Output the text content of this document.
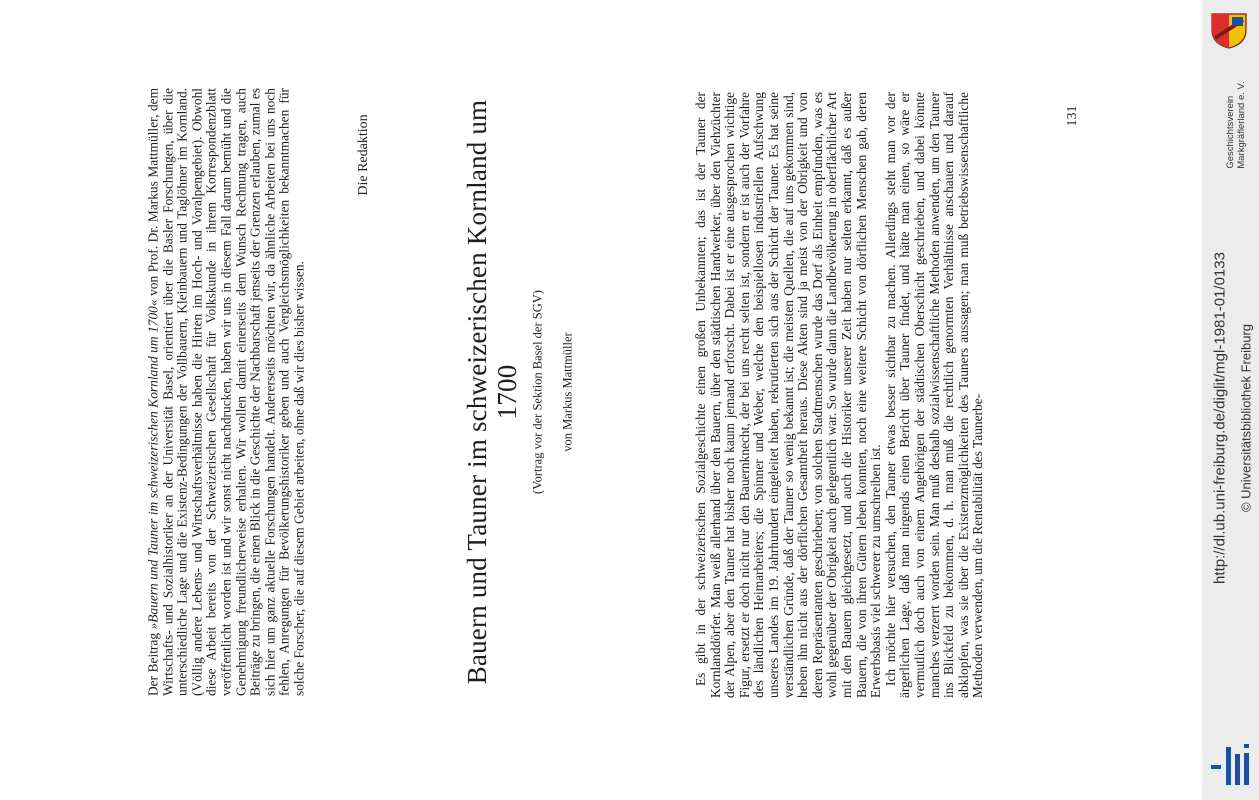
Der Beitrag »Bauern und Tauner im schweizerischen Kornland um 1700« von Prof. Dr. Markus Mattmüller, dem Wirtschafts- und Sozialhistoriker an der Universität Basel, orientiert über die Basler Forschungen, über die unterschiedliche Lage und die Existenz-Bedingungen der Vollbauern, Kleinbauern und Taglöhner im Kornland. (Völlig andere Lebens- und Wirtschaftsverhältnisse haben die Hirten im Hoch- und Voralpengebiet). Obwohl diese Arbeit bereits von der Schweizerischen Gesellschaft für Volkskunde in ihrem Korrespondenzblatt veröffentlicht worden ist und wir sonst nicht nachdrucken, haben wir uns in diesem Fall darum bemüht und die Genehmigung freundlicherweise erhalten. Wir wollen damit einerseits dem Wunsch Rechnung tragen, auch Beiträge zu bringen, die einen Blick in die Geschichte der Nachbarschaft jenseits der Grenzen erlauben, zumal es sich hier um ganz aktuelle Forschungen handelt. Andererseits möchten wir, da ähnliche Arbeiten bei uns noch fehlen, Anregungen für Bevölkerungshistoriker geben und auch Vergleichsmöglichkeiten bekanntmachen für solche Forscher, die auf diesem Gebiet arbeiten, ohne daß wir dies bisher wissen.
Die Redaktion	Bauern und Tauner im schweizerischen Kornland um 1700 (Vortrag vor der Sektion Basel der SGV) von Markus Mattmüller	Es gibt in der schweizerischen Sozialgeschichte einen großen Unbekannten; das ist der Tauner der Kornlanddörfer. Man weiß allerhand über den Bauern, über den städtischen Handwerker, über den Viehzüchter der Alpen, aber den Tauner hat bisher noch kaum jemand erforscht. Dabei ist er eine ausgesprochen wichtige Figur, ersetzt er doch nicht nur den Bauernknecht, der bei uns recht selten ist, sondern er ist auch der Vorfahre des ländlichen Heimarbeiters; die Spinner und Weber, welche den beispiellosen industriellen Aufschwung unseres Landes im 19. Jahrhundert eingeleitet haben, rekrutierten sich aus der Schicht der Tauner. Es hat seine verständlichen Gründe, daß der Tauner so wenig bekannt ist; die meisten Quellen, die auf uns gekommen sind, heben ihn nicht aus der dörflichen Gesamtheit heraus. Diese Akten sind ja meist von der Obrigkeit und von deren Repräsentanten geschrieben; von solchen Stadtmenschen wurde das Dorf als Einheit empfunden, was es wohl gegenüber der Obrigkeit auch gelegentlich war. So wurde dann die Landbevölkerung in oberflächlicher Art mit den Bauern gleichgesetzt, und auch die Historiker unserer Zeit haben nur selten erkannt, daß es außer Bauern, die von ihren Gütern leben konnten, noch eine weitere Schicht von dörflichen Menschen gab, deren Erwerbsbasis viel schwerer zu umschreiben ist. Ich möchte hier versuchen, den Tauner etwas besser sichtbar zu machen. Allerdings steht man vor der ärgerlichen Lage, daß man nirgends einen Bericht über Tauner findet, und hätte man einen, so wäre er vermutlich doch auch von einem Angehörigen der städtischen Oberschicht geschrieben, und dabei könnte manches verzerrt worden sein. Man muß deshalb sozialwissenschaftliche Methoden anwenden, um den Tauner ins Blickfeld zu bekommen, d. h. man muß die rechtlich genormten Verhältnisse anschauen und darauf abklopfen, was sie über die Existenzmöglichkeiten des Tauners aussagen; man muß betriebswissenschaftliche Methoden verwenden, um die Rentabilität des Taunerbe-

131	Geschichtsverein Markgräflerland e. V.
http://dl.ub.uni-freiburg.de/diglit/mgl-1981-01/0133 © Universitätsbibliothek Freiburg
